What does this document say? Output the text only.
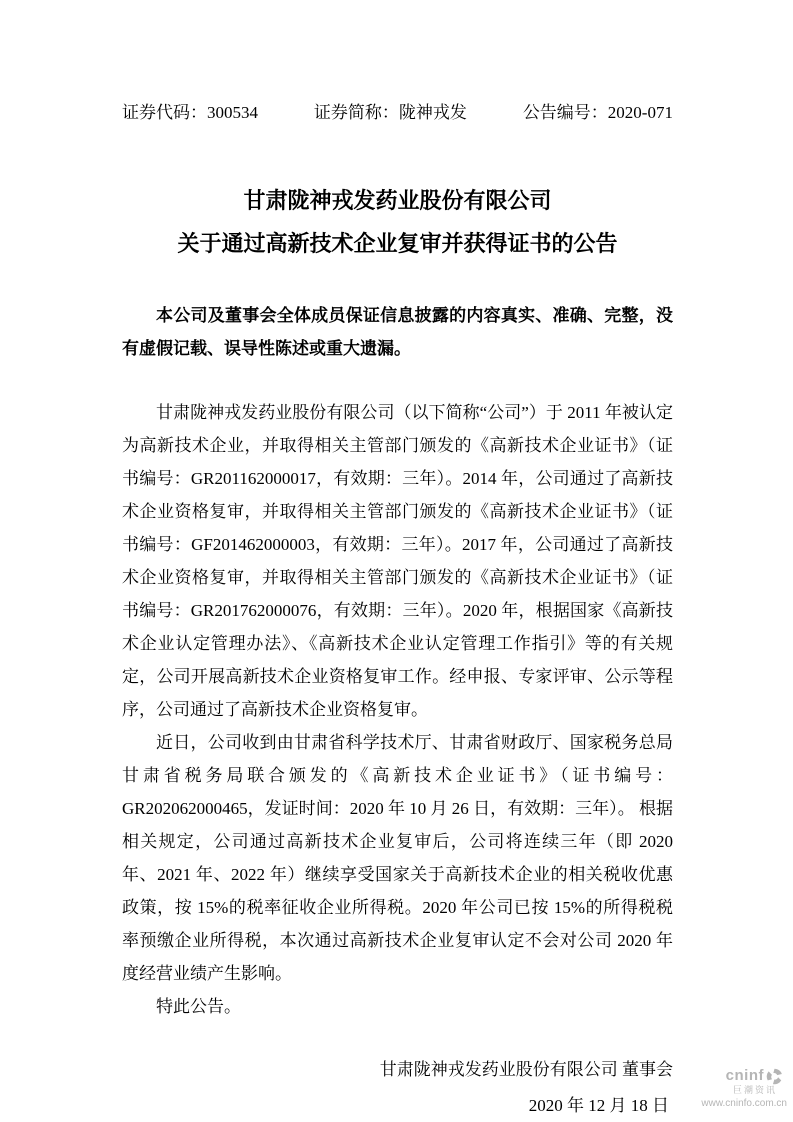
证券代码：300534	证券简称：陇神戎发	公告编号：2020-071
甘肃陇神戎发药业股份有限公司
关于通过高新技术企业复审并获得证书的公告
本公司及董事会全体成员保证信息披露的内容真实、准确、完整，没有虚假记载、误导性陈述或重大遗漏。

甘肃陇神戎发药业股份有限公司（以下简称“公司”）于 2011 年被认定为高新技术企业，并取得相关主管部门颁发的《高新技术企业证书》（证书编号：GR201162000017，有效期：三年）。2014 年，公司通过了高新技术企业资格复审，并取得相关主管部门颁发的《高新技术企业证书》（证书编号：GF201462000003，有效期：三年）。2017 年，公司通过了高新技术企业资格复审，并取得相关主管部门颁发的《高新技术企业证书》（证书编号：GR201762000076，有效期：三年）。2020 年，根据国家《高新技术企业认定管理办法》、《高新技术企业认定管理工作指引》等的有关规定，公司开展高新技术企业资格复审工作。经申报、专家评审、公示等程序，公司通过了高新技术企业资格复审。

近日，公司收到由甘肃省科学技术厅、甘肃省财政厅、国家税务总局甘肃省税务局联合颁发的《高新技术企业证书》（证书编号：GR202062000465，发证时间：2020 年 10 月 26 日，有效期：三年）。 根据相关规定，公司通过高新技术企业复审后，公司将连续三年（即 2020 年、2021 年、2022 年）继续享受国家关于高新技术企业的相关税收优惠政策，按 15%的税率征收企业所得税。2020 年公司已按 15%的所得税税率预缴企业所得税，本次通过高新技术企业复审认定不会对公司 2020 年度经营业绩产生影响。

特此公告。

甘肃陇神戎发药业股份有限公司 董事会
2020 年 12 月 18 日
cninf
巨潮资讯
www.cninfo.com.cn
